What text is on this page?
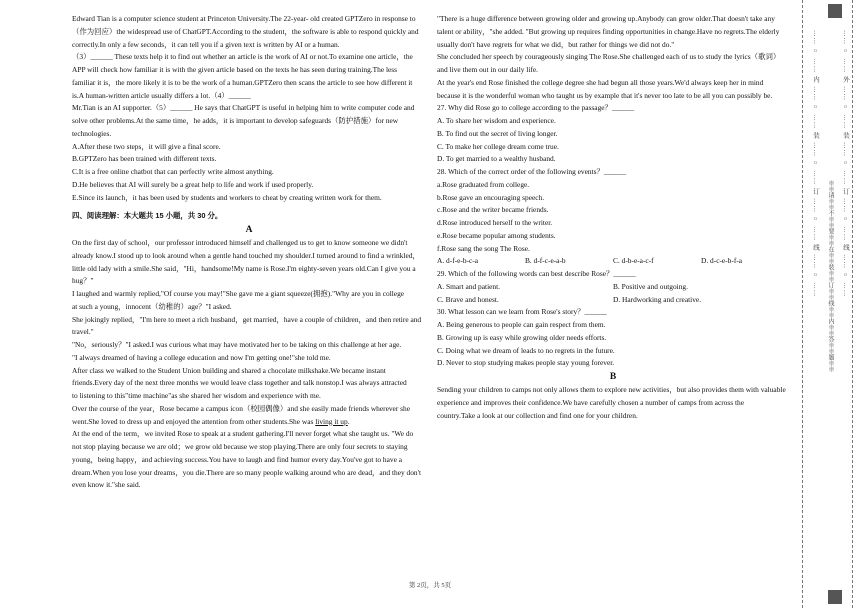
Edward Tian is a computer science student at Princeton University.The 22-year- old created GPTZero in response to

（作为回应）the widespread use of ChatGPT.According to the student，the software is able to respond quickly and

correctly.In only a few seconds，it can tell you if a given text is written by AI or a human.

（3）______ These texts help it to find out whether an article is the work of AI or not.To examine one article，the

APP will check how familiar it is with the given article based on the texts he has seen during training.The less

familiar it is，the more likely it is to be the work of a human.GPTZero then scans the article to see how different it

is.A human-written article usually differs a lot.（4）______

Mr.Tian is an AI supporter.（5）______ He says that ChatGPT is useful in helping him to write computer code and

solve other problems.At the same time，he adds，it is important to develop safeguards（防护措施）for new

technologies.

A.After these two steps，it will give a final score.

B.GPTZero has been trained with different texts.

C.It is a free online chatbot that can perfectly write almost anything.

D.He believes that AI will surely be a great help to life and work if used properly.

E.Since its launch，it has been used by students and workers to cheat by creating written work for them.

四、阅读理解：本大题共 15 小题，共 30 分。

A

On the first day of school，our professor introduced himself and challenged us to get to know someone we didn't

already know.I stood up to look around when a gentle hand touched my shoulder.I turned around to find a wrinkled，

little old lady with a smile.She said，"Hi，handsome!My name is Rose.I'm eighty-seven years old.Can I give you a

hug？"

I laughed and warmly replied,"Of course you may!"She gave me a giant squeeze(拥抱)."Why are you in college

at such a young，innocent（幼稚的）age？"I asked.

She jokingly replied，"I'm here to meet a rich husband，get married，have a couple of children，and then retire and

travel."

"No，seriously？"I asked.I was curious what may have motivated her to be taking on this challenge at her age.

"I always dreamed of having a college education and now I'm getting one!"she told me.

After class we walked to the Student Union building and shared a chocolate milkshake.We became instant

friends.Every day of the next three months we would leave class together and talk nonstop.I was always attracted

to listening to this"time machine"as she shared her wisdom and experience with me.

Over the course of the year，Rose became a campus icon（校园偶像）and she easily made friends wherever she

went.She loved to dress up and enjoyed the attention from other students.She was living it up.

At the end of the term，we invited Rose to speak at a student gathering.I'll never forget what she taught us. "We do

not stop playing because we are old；we grow old because we stop playing.There are only four secrets to staying

young，being happy，and achieving success.You have to laugh and find humor every day.You've got to have a

dream.When you lose your dreams，you die.There are so many people walking around who are dead，and they don't

even know it."she said.

"There is a huge difference between growing older and growing up.Anybody can grow older.That doesn't take any

talent or ability，"she added. "But growing up requires finding opportunities in change.Have no regrets.The elderly

usually don't have regrets for what we did，but rather for things we did not do."

She concluded her speech by courageously singing The Rose.She challenged each of us to study the lyrics（歌词）

and live them out in our daily life.

At the year's end Rose finished the college degree she had begun all those years.We'd always keep her in mind

because it is the wonderful woman who taught us by example that it's never too late to be all you can possibly be.

27. Why did Rose go to college according to the passage？______

A. To share her wisdom and experience.

B. To find out the secret of living longer.

C. To make her college dream come true.

D. To get married to a wealthy husband.

28. Which of the correct order of the following events？______

a.Rose graduated from college.

b.Rose gave an encouraging speech.

c.Rose and the writer became friends.

d.Rose introduced herself to the writer.

e.Rose became popular among students.

f.Rose sang the song The Rose.

A. d-f-e-b-c-a	B. d-f-c-e-a-b	C. d-b-e-a-c-f	D. d-c-e-b-f-a

29. Which of the following words can best describe Rose？______

A. Smart and patient.	B. Positive and outgoing.
C. Brave and honest.	D. Hardworking and creative.

30. What lesson can we learn from Rose's story？______

A. Being generous to people can gain respect from them.

B. Growing up is easy while growing older needs efforts.

C. Doing what we dream of leads to no regrets in the future.

D. Never to stop studying makes people stay young forever.

B

Sending your children to camps not only allows them to explore new activities，but also provides them with valuable

experience and improves their confidence.We have carefully chosen a number of camps from across the

country.Take a look at our collection and find one for your children.

第 2页，共 5页
…… ○ …… 内 …… ○ …… 装 …… ○ …… 订 …… ○ …… 线 …… ○ …… ※※请※※不※※要※※在※※装※※订※※线※※内※※答※※题※※	…… ○ …… 外 …… ○ …… 装 …… ○ …… 订 …… ○ …… 线 …… ○ ……
